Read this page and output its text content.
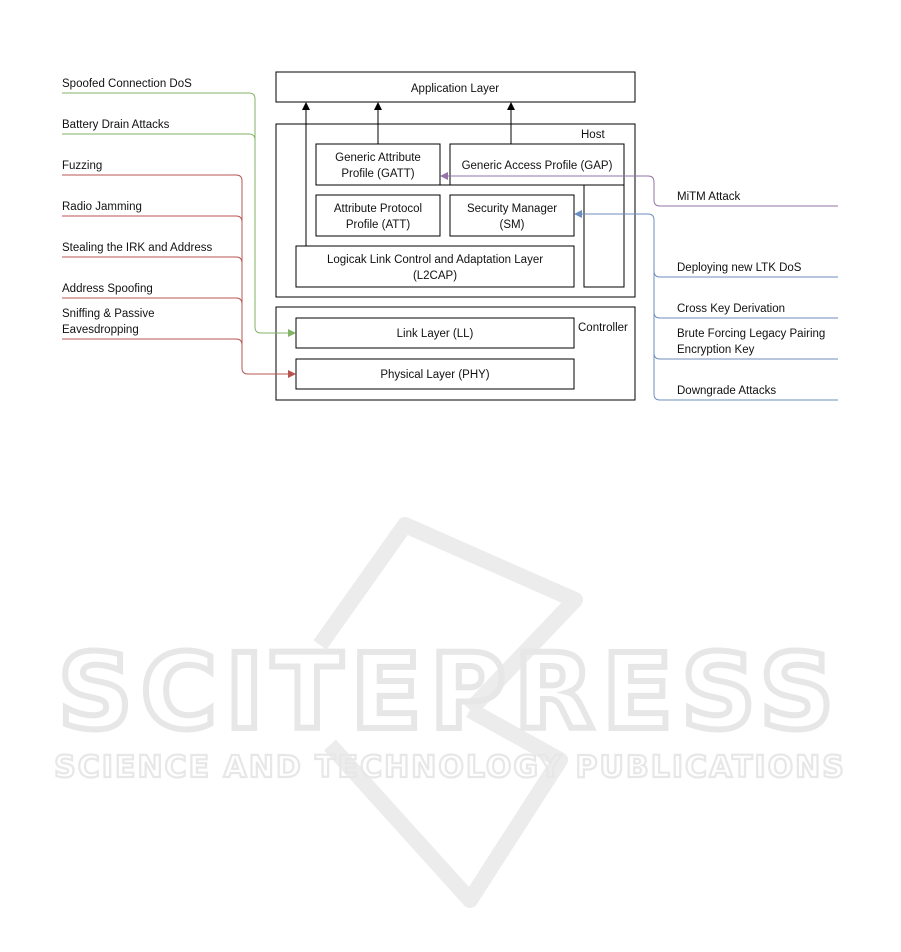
SCITEPRESS
SCIENCE AND TECHNOLOGY PUBLICATIONS
Application Layer
Host
Generic Attribute
Profile (GATT)
Generic Access Profile (GAP)
Attribute Protocol
Profile (ATT)
Security Manager
(SM)
Logicak Link Control and Adaptation Layer
(L2CAP)
Controller
Link Layer (LL)
Physical Layer (PHY)
Spoofed Connection DoS
Battery Drain Attacks
Fuzzing
Radio Jamming
Stealing the IRK and Address
Address Spoofing
Sniffing & Passive
Eavesdropping
MiTM Attack
Deploying new LTK DoS
Cross Key Derivation
Brute Forcing Legacy Pairing
Encryption Key
Downgrade Attacks
